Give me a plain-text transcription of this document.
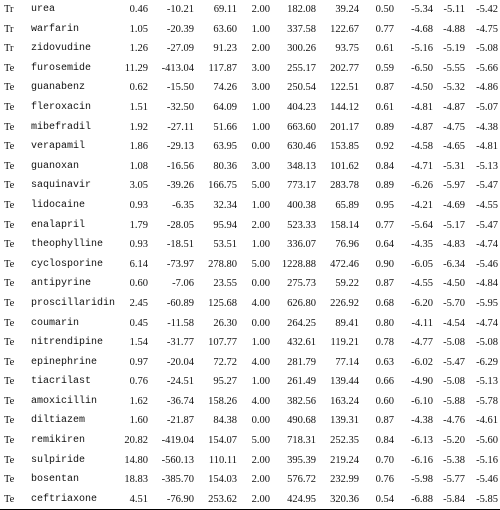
Tr	urea	0.46	-10.21	69.11	2.00	182.08	39.24	0.50	-5.34	-5.11	-5.42
Tr	warfarin	1.05	-20.39	63.60	1.00	337.58	122.67	0.77	-4.68	-4.88	-4.75
Tr	zidovudine	1.26	-27.09	91.23	2.00	300.26	93.75	0.61	-5.16	-5.19	-5.08
Te	furosemide	11.29	-413.04	117.87	3.00	255.17	202.77	0.59	-6.50	-5.55	-5.66
Te	guanabenz	0.62	-15.50	74.26	3.00	250.54	122.51	0.87	-4.50	-5.32	-4.86
Te	fleroxacin	1.51	-32.50	64.09	1.00	404.23	144.12	0.61	-4.81	-4.87	-5.07
Te	mibefradil	1.92	-27.11	51.66	1.00	663.60	201.17	0.89	-4.87	-4.75	-4.38
Te	verapamil	1.86	-29.13	63.95	0.00	630.46	153.85	0.92	-4.58	-4.65	-4.81
Te	guanoxan	1.08	-16.56	80.36	3.00	348.13	101.62	0.84	-4.71	-5.31	-5.13
Te	saquinavir	3.05	-39.26	166.75	5.00	773.17	283.78	0.89	-6.26	-5.97	-5.47
Te	lidocaine	0.93	-6.35	32.34	1.00	400.38	65.89	0.95	-4.21	-4.69	-4.55
Te	enalapril	1.79	-28.05	95.94	2.00	523.33	158.14	0.77	-5.64	-5.17	-5.47
Te	theophylline	0.93	-18.51	53.51	1.00	336.07	76.96	0.64	-4.35	-4.83	-4.74
Te	cyclosporine	6.14	-73.97	278.80	5.00	1228.88	472.46	0.90	-6.05	-6.34	-5.46
Te	antipyrine	0.60	-7.06	23.55	0.00	275.73	59.22	0.87	-4.55	-4.50	-4.84
Te	proscillaridin	2.45	-60.89	125.68	4.00	626.80	226.92	0.68	-6.20	-5.70	-5.95
Te	coumarin	0.45	-11.58	26.30	0.00	264.25	89.41	0.80	-4.11	-4.54	-4.74
Te	nitrendipine	1.54	-31.77	107.77	1.00	432.61	119.21	0.78	-4.77	-5.08	-5.08
Te	epinephrine	0.97	-20.04	72.72	4.00	281.79	77.14	0.63	-6.02	-5.47	-6.29
Te	tiacrilast	0.76	-24.51	95.27	1.00	261.49	139.44	0.66	-4.90	-5.08	-5.13
Te	amoxicillin	1.62	-36.74	158.26	4.00	382.56	163.24	0.60	-6.10	-5.88	-5.78
Te	diltiazem	1.60	-21.87	84.38	0.00	490.68	139.31	0.87	-4.38	-4.76	-4.61
Te	remikiren	20.82	-419.04	154.07	5.00	718.31	252.35	0.84	-6.13	-5.20	-5.60
Te	sulpiride	14.80	-560.13	110.11	2.00	395.39	219.24	0.70	-6.16	-5.38	-5.16
Te	bosentan	18.83	-385.70	154.03	2.00	576.72	232.99	0.76	-5.98	-5.77	-5.46
Te	ceftriaxone	4.51	-76.90	253.62	2.00	424.95	320.36	0.54	-6.88	-5.84	-5.85
